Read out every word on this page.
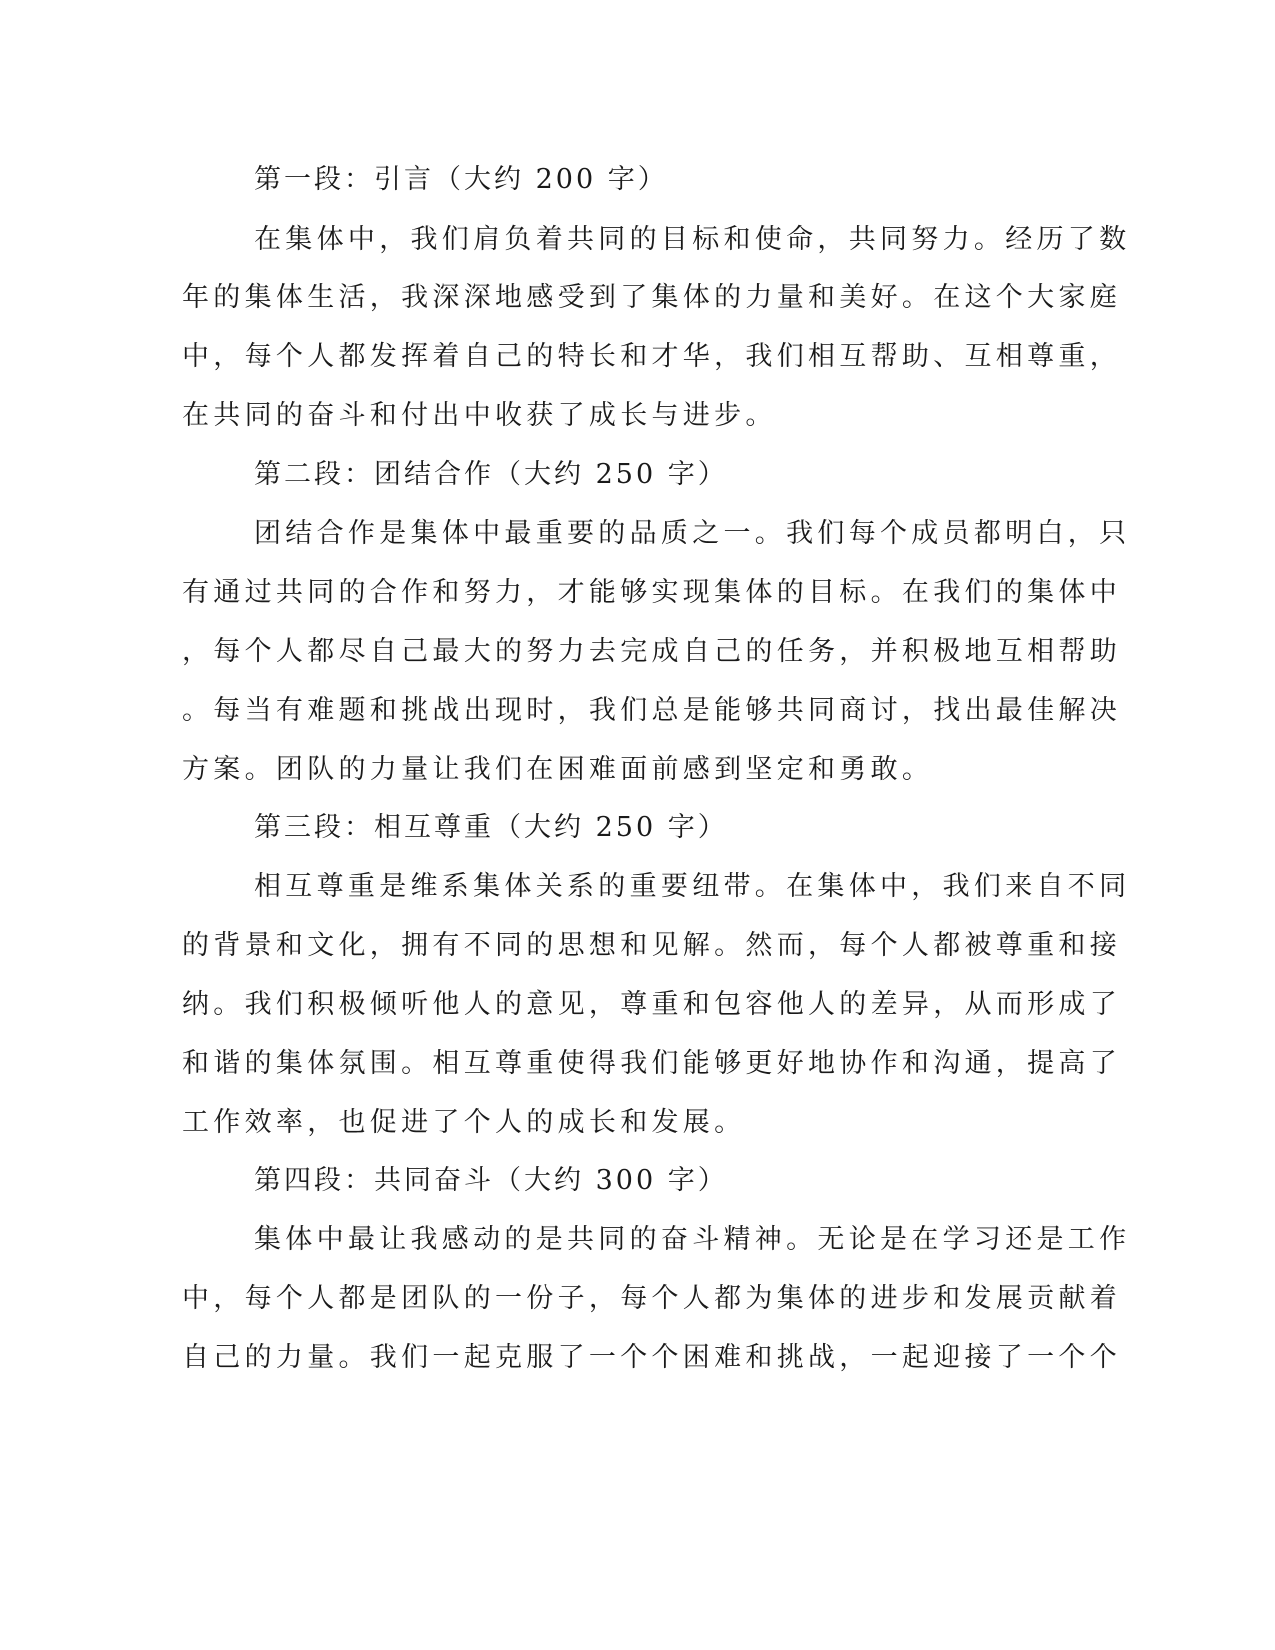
第一段：引言（大约 200 字）

在集体中，我们肩负着共同的目标和使命，共同努力。经历了数

年的集体生活，我深深地感受到了集体的力量和美好。在这个大家庭

中，每个人都发挥着自己的特长和才华，我们相互帮助、互相尊重，

在共同的奋斗和付出中收获了成长与进步。

第二段：团结合作（大约 250 字）

团结合作是集体中最重要的品质之一。我们每个成员都明白，只

有通过共同的合作和努力，才能够实现集体的目标。在我们的集体中

，每个人都尽自己最大的努力去完成自己的任务，并积极地互相帮助

。每当有难题和挑战出现时，我们总是能够共同商讨，找出最佳解决

方案。团队的力量让我们在困难面前感到坚定和勇敢。

第三段：相互尊重（大约 250 字）

相互尊重是维系集体关系的重要纽带。在集体中，我们来自不同

的背景和文化，拥有不同的思想和见解。然而，每个人都被尊重和接

纳。我们积极倾听他人的意见，尊重和包容他人的差异，从而形成了

和谐的集体氛围。相互尊重使得我们能够更好地协作和沟通，提高了

工作效率，也促进了个人的成长和发展。

第四段：共同奋斗（大约 300 字）

集体中最让我感动的是共同的奋斗精神。无论是在学习还是工作

中，每个人都是团队的一份子，每个人都为集体的进步和发展贡献着

自己的力量。我们一起克服了一个个困难和挑战，一起迎接了一个个
